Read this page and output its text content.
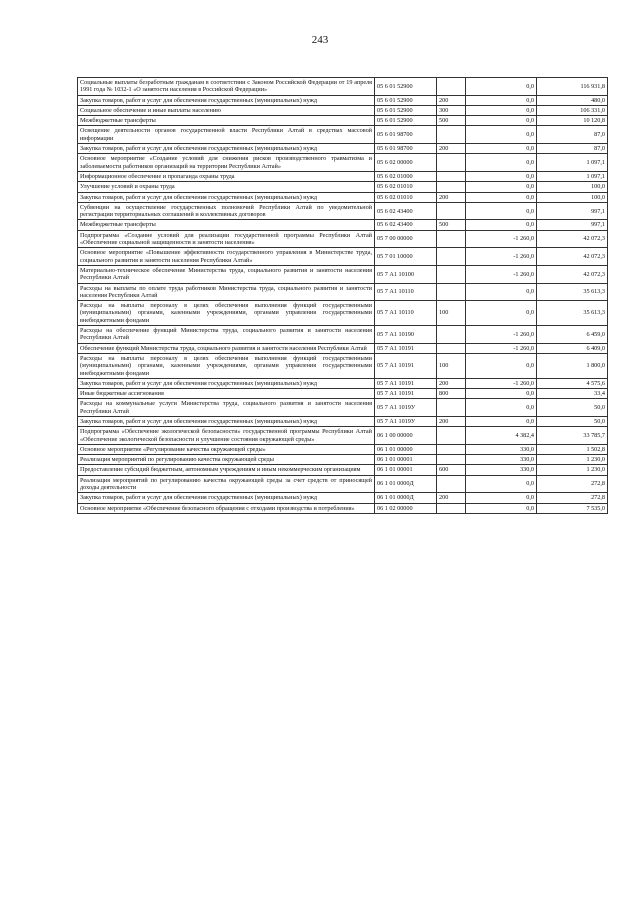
243
Социальные выплаты безработным гражданам в соответствии с Законом Российской Федерации от 19 апреля 1991 года № 1032-1 «О занятости населения в Российской Федерации»	05 6 01 52900		0,0	116 931,8
Закупка товаров, работ и услуг для обеспечения государственных (муниципальных) нужд	05 6 01 52900	200	0,0	480,0
Социальное обеспечение и иные выплаты населению	05 6 01 52900	300	0,0	106 331,0
Межбюджетные трансферты	05 6 01 52900	500	0,0	10 120,8
Освещение деятельности органов государственной власти Республики Алтай в средствах массовой информации	05 6 01 98700		0,0	87,0
Закупка товаров, работ и услуг для обеспечения государственных (муниципальных) нужд	05 6 01 98700	200	0,0	87,0
Основное мероприятие «Создание условий для снижения рисков производственного травматизма и заболеваемости работников организаций на территории Республики Алтай»	05 6 02 00000		0,0	1 097,1
Информационное обеспечение и пропаганда охраны труда	05 6 02 01000		0,0	1 097,1
Улучшение условий и охраны труда	05 6 02 01010		0,0	100,0
Закупка товаров, работ и услуг для обеспечения государственных (муниципальных) нужд	05 6 02 01010	200	0,0	100,0
Субвенции на осуществление государственных полномочий Республики Алтай по уведомительной регистрации территориальных соглашений и коллективных договоров	05 6 02 43400		0,0	997,1
Межбюджетные трансферты	05 6 02 43400	500	0,0	997,1
Подпрограмма «Создание условий для реализации государственной программы Республики Алтай «Обеспечение социальной защищенности и занятости населения»	05 7 00 00000		-1 260,0	42 072,3
Основное мероприятие «Повышение эффективности государственного управления в Министерстве труда, социального развития и занятости населения Республики Алтай»	05 7 01 10000		-1 260,0	42 072,3
Материально-техническое обеспечение Министерства труда, социального развития и занятости населения Республики Алтай	05 7 А1 10100		-1 260,0	42 072,3
Расходы на выплаты по оплате труда работников Министерства труда, социального развития и занятости населения Республики Алтай	05 7 А1 10110		0,0	35 613,3
Расходы на выплаты персоналу в целях обеспечения выполнения функций государственными (муниципальными) органами, казенными учреждениями, органами управления государственными внебюджетными фондами	05 7 А1 10110	100	0,0	35 613,3
Расходы на обеспечение функций Министерства труда, социального развития и занятости населения Республики Алтай	05 7 А1 10190		-1 260,0	6 459,0
Обеспечение функций Министерства труда, социального развития и занятости населения Республики Алтай	05 7 А1 10191		-1 260,0	6 409,0
Расходы на выплаты персоналу в целях обеспечения выполнения функций государственными (муниципальными) органами, казенными учреждениями, органами управления государственными внебюджетными фондами	05 7 А1 10191	100	0,0	1 800,0
Закупка товаров, работ и услуг для обеспечения государственных (муниципальных) нужд	05 7 А1 10191	200	-1 260,0	4 575,6
Иные бюджетные ассигнования	05 7 А1 10191	800	0,0	33,4
Расходы на коммунальные услуги Министерства труда, социального развития и занятости населения Республики Алтай	05 7 А1 1019У		0,0	50,0
Закупка товаров, работ и услуг для обеспечения государственных (муниципальных) нужд	05 7 А1 1019У	200	0,0	50,0
Подпрограмма «Обеспечение экологической безопасности» государственной программы Республики Алтай «Обеспечение экологической безопасности и улучшение состояния окружающей среды»	06 1 00 00000		4 382,4	33 785,7
Основное мероприятие «Регулирование качества окружающей среды»	06 1 01 00000		330,0	1 502,8
Реализация мероприятий по регулированию качества окружающей среды	06 1 01 00001		330,0	1 230,0
Предоставление субсидий бюджетным, автономным учреждениям и иным некоммерческим организациям	06 1 01 00001	600	330,0	1 230,0
Реализация мероприятий по регулированию качества окружающей среды за счет средств от приносящей доходы деятельности	06 1 01 0000Д		0,0	272,8
Закупка товаров, работ и услуг для обеспечения государственных (муниципальных) нужд	06 1 01 0000Д	200	0,0	272,8
Основное мероприятие «Обеспечение безопасного обращения с отходами производства и потребления»	06 1 02 00000		0,0	7 535,0
